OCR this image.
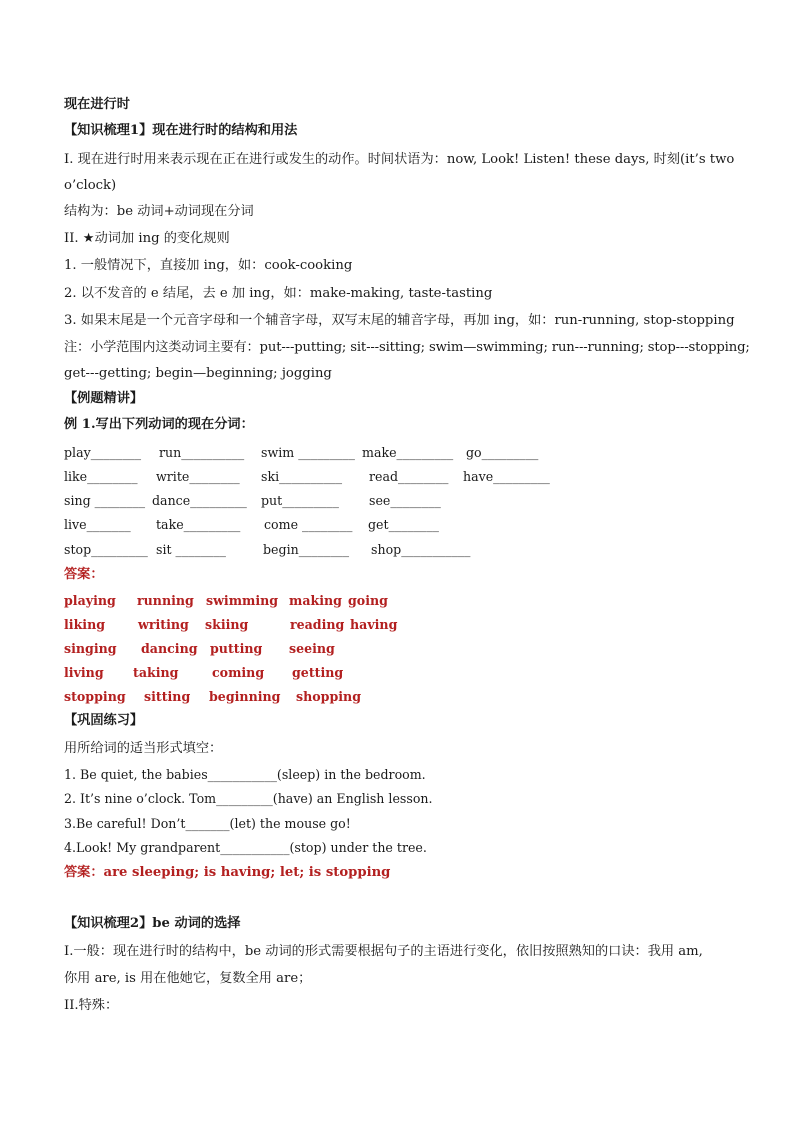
现在进行时
【知识梳理1】现在进行时的结构和用法
I. 现在进行时用来表示现在正在进行或发生的动作。时间状语为：now, Look! Listen! these days, 时刻(it’s two
o’clock)
结构为：be 动词+动词现在分词
II. ★动词加 ing 的变化规则
1. 一般情况下，直接加 ing，如：cook-cooking
2. 以不发音的 e 结尾，去 e 加 ing，如：make-making, taste-tasting
3. 如果末尾是一个元音字母和一个辅音字母，双写末尾的辅音字母，再加 ing，如：run-running, stop-stopping
注：小学范围内这类动词主要有：put---putting; sit---sitting; swim—swimming; run---running; stop---stopping;
get---getting; begin—beginning; jogging
【例题精讲】
例 1.写出下列动词的现在分词：
play________ run__________ swim _________ make_________ go_________
like________ write________ ski__________ read________ have_________
sing ________ dance_________ put_________ see________
live_______ take_________ come ________ get________
stop_________ sit ________	begin________ shop___________
答案：
playing running swimming making going
liking	writing skiing	reading having
singing dancing putting seeing
living taking	coming getting
stopping sitting beginning shopping
【巩固练习】
用所给词的适当形式填空：
1. Be quiet, the babies___________(sleep) in the bedroom.
2. It’s nine o’clock. Tom_________(have) an English lesson.
3.Be careful! Don’t_______(let) the mouse go!
4.Look! My grandparent___________(stop) under the tree.
答案：are sleeping; is having; let; is stopping
【知识梳理2】be 动词的选择
I.一般：现在进行时的结构中，be 动词的形式需要根据句子的主语进行变化，依旧按照熟知的口诀：我用 am,
你用 are, is 用在他她它，复数全用 are；
II.特殊：
